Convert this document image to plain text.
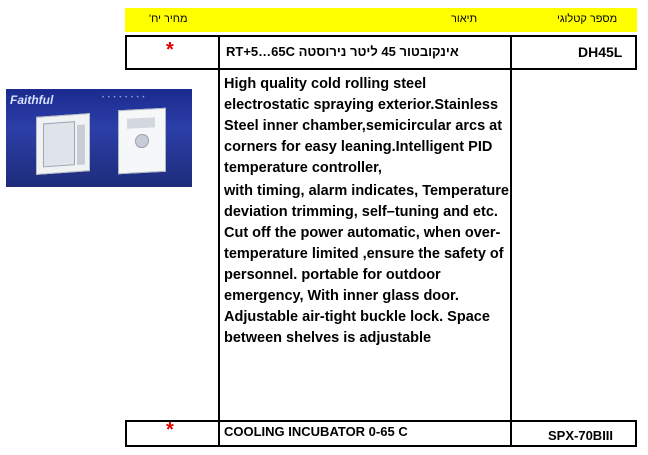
מחיר יח'	תיאור	מספר קטלוגי
*	אינקובטור 45 ליטר נירוסטה RT+5…65C	DH45L

High quality cold rolling steel electrostatic spraying exterior.Stainless Steel inner chamber,semicircular arcs at corners for easy leaning.Intelligent PID temperature controller,

with timing, alarm indicates, Temperature deviation trimming, self–tuning and etc. Cut off the power automatic, when over-temperature limited ,ensure the safety of personnel. portable for outdoor emergency, With inner glass door. Adjustable air-tight buckle lock. Space between shelves is adjustable

Faithful	• • • • • • • •
*	COOLING INCUBATOR 0-65 C	SPX-70BIII
